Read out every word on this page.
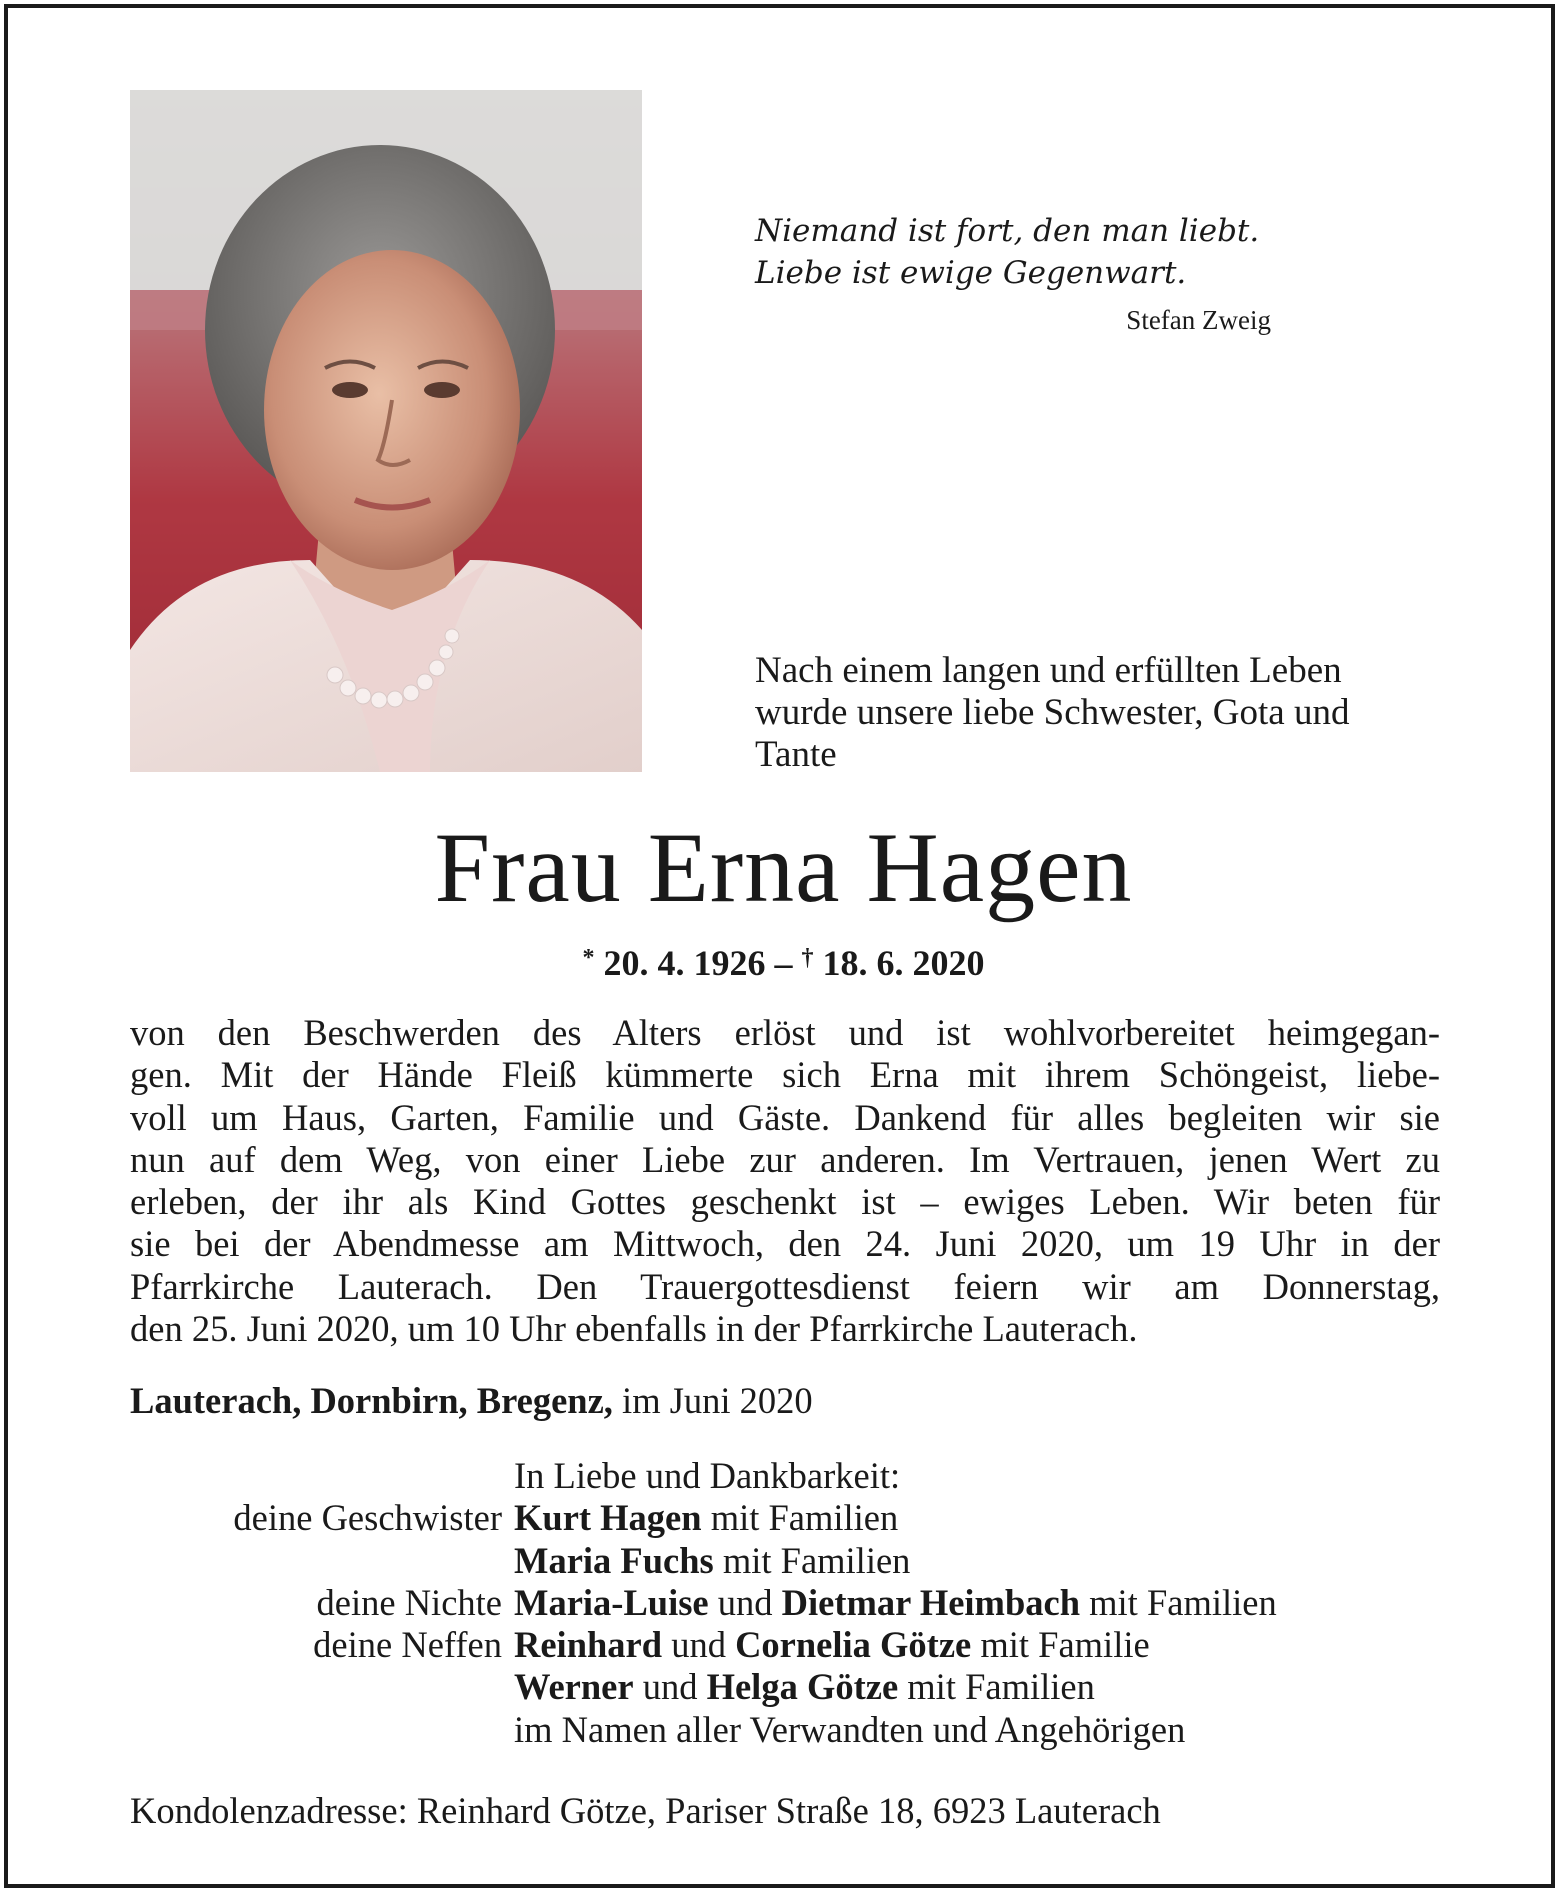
Niemand ist fort, den man liebt.
Liebe ist ewige Gegenwart.
Stefan Zweig
Nach einem langen und erfüllten Leben
wurde unsere liebe Schwester, Gota und
Tante
Frau Erna Hagen
* 20. 4. 1926 – † 18. 6. 2020
von den Beschwerden des Alters erlöst und ist wohlvorbereitet heimgegan-
gen. Mit der Hände Fleiß kümmerte sich Erna mit ihrem Schöngeist, liebe-
voll um Haus, Garten, Familie und Gäste. Dankend für alles begleiten wir sie
nun auf dem Weg, von einer Liebe zur anderen. Im Vertrauen, jenen Wert zu
erleben, der ihr als Kind Gottes geschenkt ist – ewiges Leben. Wir beten für
sie bei der Abendmesse am Mittwoch, den 24. Juni 2020, um 19 Uhr in der
Pfarrkirche Lauterach. Den Trauergottesdienst feiern wir am Donnerstag,
den 25. Juni 2020, um 10 Uhr ebenfalls in der Pfarrkirche Lauterach.
Lauterach, Dornbirn, Bregenz, im Juni 2020
In Liebe und Dankbarkeit:
deine Geschwister Kurt Hagen mit Familien
Maria Fuchs mit Familien
deine Nichte Maria-Luise und Dietmar Heimbach mit Familien
deine Neffen Reinhard und Cornelia Götze mit Familie
Werner und Helga Götze mit Familien
im Namen aller Verwandten und Angehörigen
Kondolenzadresse: Reinhard Götze, Pariser Straße 18, 6923 Lauterach
